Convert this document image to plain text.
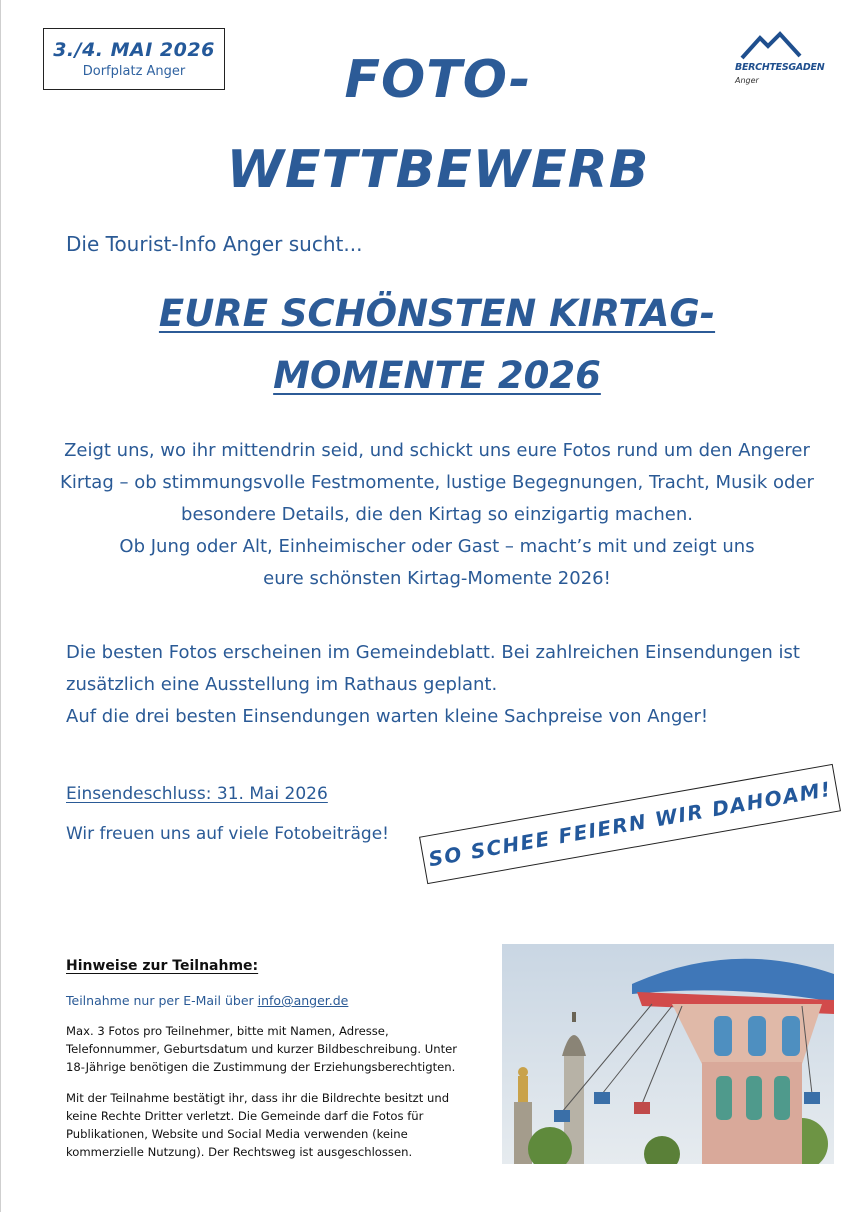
3./4. MAI 2026
Dorfplatz Anger	BERCHTESGADEN
Anger
FOTO-
WETTBEWERB
Die Tourist-Info Anger sucht...
EURE SCHÖNSTEN KIRTAG-
MOMENTE 2026
Zeigt uns, wo ihr mittendrin seid, und schickt uns eure Fotos rund um den Angerer
Kirtag – ob stimmungsvolle Festmomente, lustige Begegnungen, Tracht, Musik oder
besondere Details, die den Kirtag so einzigartig machen.
Ob Jung oder Alt, Einheimischer oder Gast – macht’s mit und zeigt uns
eure schönsten Kirtag-Momente 2026!
Die besten Fotos erscheinen im Gemeindeblatt. Bei zahlreichen Einsendungen ist
zusätzlich eine Ausstellung im Rathaus geplant.
Auf die drei besten Einsendungen warten kleine Sachpreise von Anger!
Einsendeschluss: 31. Mai 2026
Wir freuen uns auf viele Fotobeiträge!	SO SCHEE FEIERN WIR DAHOAM!
Hinweise zur Teilnahme:
Teilnahme nur per E-Mail über info@anger.de
Max. 3 Fotos pro Teilnehmer, bitte mit Namen, Adresse,
Telefonnummer, Geburtsdatum und kurzer Bildbeschreibung. Unter
18-Jährige benötigen die Zustimmung der Erziehungsberechtigten.
Mit der Teilnahme bestätigt ihr, dass ihr die Bildrechte besitzt und
keine Rechte Dritter verletzt. Die Gemeinde darf die Fotos für
Publikationen, Website und Social Media verwenden (keine
kommerzielle Nutzung). Der Rechtsweg ist ausgeschlossen.
